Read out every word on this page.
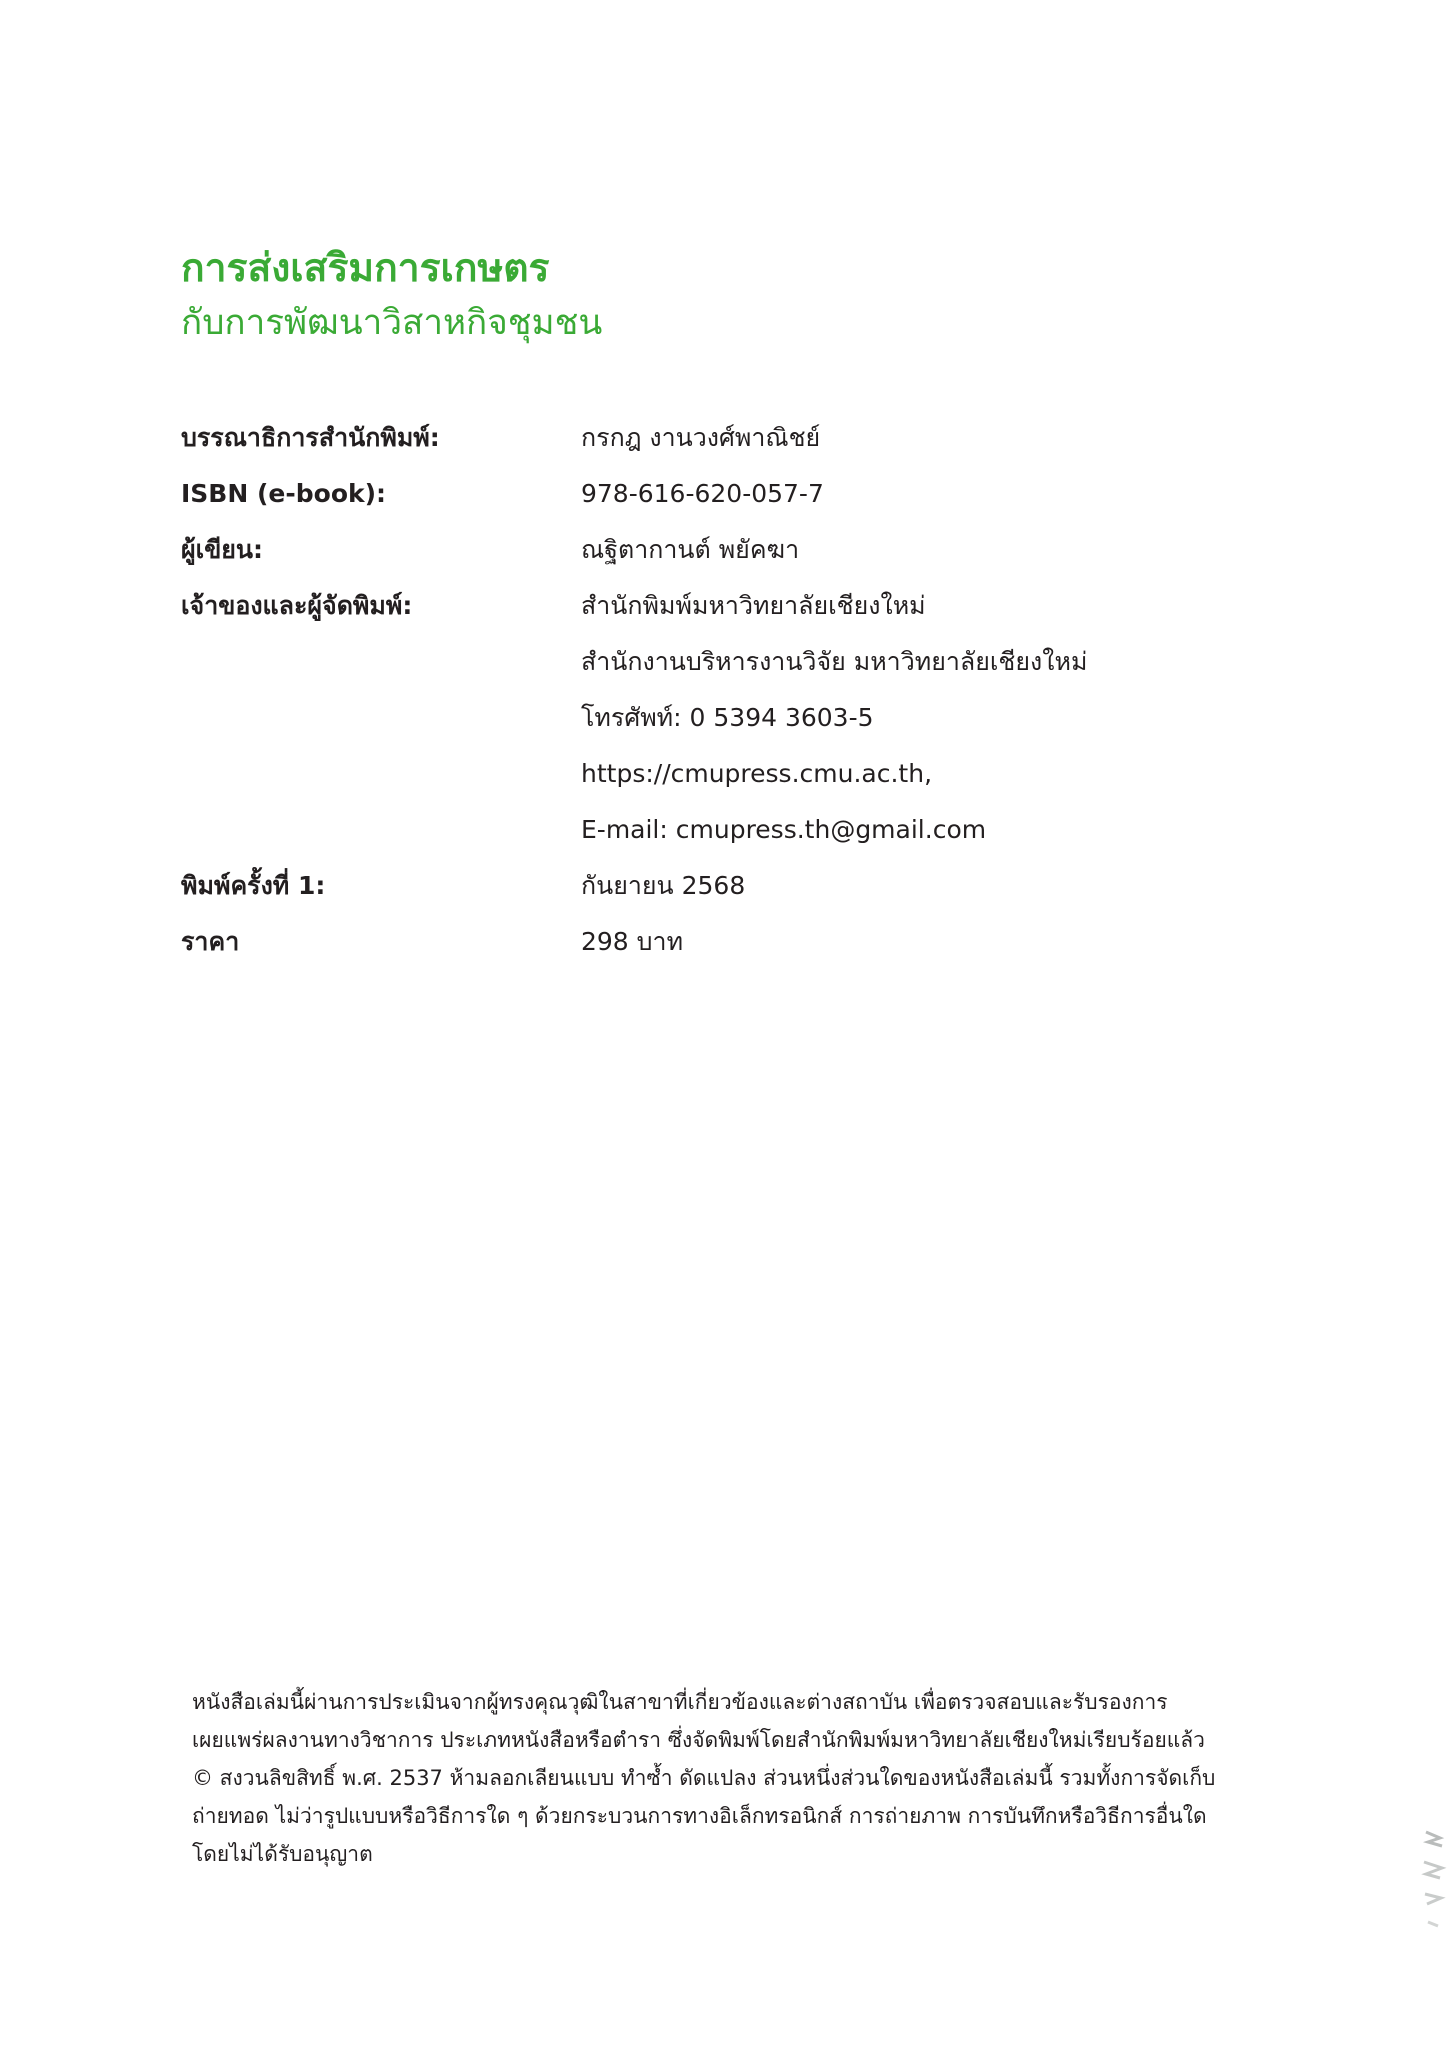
การส่งเสริมการเกษตร
กับการพัฒนาวิสาหกิจชุมชน
บรรณาธิการสำนักพิมพ์:	กรกฎ งานวงศ์พาณิชย์
ISBN (e-book):	978-616-620-057-7
ผู้เขียน:	ณฐิตากานต์ พยัคฆา
เจ้าของและผู้จัดพิมพ์:	สำนักพิมพ์มหาวิทยาลัยเชียงใหม่
สำนักงานบริหารงานวิจัย มหาวิทยาลัยเชียงใหม่
โทรศัพท์: 0 5394 3603-5
https://cmupress.cmu.ac.th,
E-mail: cmupress.th@gmail.com
พิมพ์ครั้งที่ 1:	กันยายน 2568
ราคา	298 บาท

หนังสือเล่มนี้ผ่านการประเมินจากผู้ทรงคุณวุฒิในสาขาที่เกี่ยวข้องและต่างสถาบัน เพื่อตรวจสอบและรับรองการ

เผยแพร่ผลงานทางวิชาการ ประเภทหนังสือหรือตำรา ซึ่งจัดพิมพ์โดยสำนักพิมพ์มหาวิทยาลัยเชียงใหม่เรียบร้อยแล้ว

© สงวนลิขสิทธิ์ พ.ศ. 2537 ห้ามลอกเลียนแบบ ทำซ้ำ ดัดแปลง ส่วนหนึ่งส่วนใดของหนังสือเล่มนี้ รวมทั้งการจัดเก็บ

ถ่ายทอด ไม่ว่ารูปแบบหรือวิธีการใด ๆ ด้วยกระบวนการทางอิเล็กทรอนิกส์ การถ่ายภาพ การบันทึกหรือวิธีการอื่นใด

โดยไม่ได้รับอนุญาต
